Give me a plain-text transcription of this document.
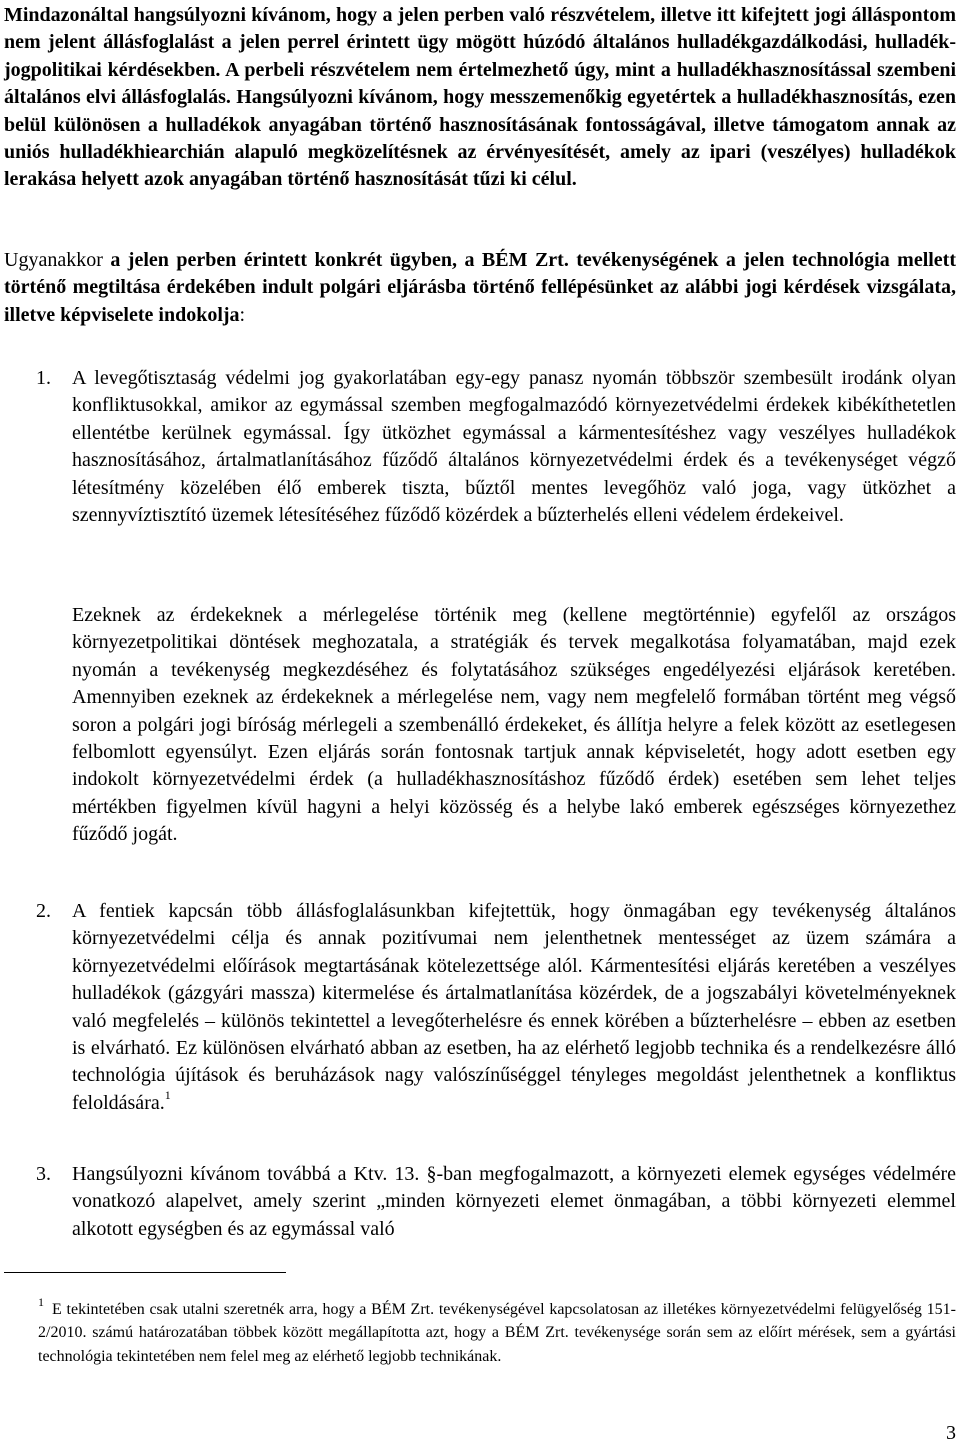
Mindazonáltal hangsúlyozni kívánom, hogy a jelen perben való részvételem, illetve itt kifejtett jogi álláspontom nem jelent állásfoglalást a jelen perrel érintett ügy mögött húzódó általános hulladékgazdálkodási, hulladék-jogpolitikai kérdésekben. A perbeli részvételem nem értelmezhető úgy, mint a hulladékhasznosítással szembeni általános elvi állásfoglalás. Hangsúlyozni kívánom, hogy messzemenőkig egyetértek a hulladékhasznosítás, ezen belül különösen a hulladékok anyagában történő hasznosításának fontosságával, illetve támogatom annak az uniós hulladékhiearchián alapuló megközelítésnek az érvényesítését, amely az ipari (veszélyes) hulladékok lerakása helyett azok anyagában történő hasznosítását tűzi ki célul.

Ugyanakkor a jelen perben érintett konkrét ügyben, a BÉM Zrt. tevékenységének a jelen technológia mellett történő megtiltása érdekében indult polgári eljárásba történő fellépésünket az alábbi jogi kérdések vizsgálata, illetve képviselete indokolja:

1. A levegőtisztaság védelmi jog gyakorlatában egy-egy panasz nyomán többször szembesült irodánk olyan konfliktusokkal, amikor az egymással szemben megfogalmazódó környezetvédelmi érdekek kibékíthetetlen ellentétbe kerülnek egymással. Így ütközhet egymással a kármentesítéshez vagy veszélyes hulladékok hasznosításához, ártalmatlanításához fűződő általános környezetvédelmi érdek és a tevékenységet végző létesítmény közelében élő emberek tiszta, bűztől mentes levegőhöz való joga, vagy ütközhet a szennyvíztisztító üzemek létesítéséhez fűződő közérdek a bűzterhelés elleni védelem érdekeivel.

Ezeknek az érdekeknek a mérlegelése történik meg (kellene megtörténnie) egyfelől az országos környezetpolitikai döntések meghozatala, a stratégiák és tervek megalkotása folyamatában, majd ezek nyomán a tevékenység megkezdéséhez és folytatásához szükséges engedélyezési eljárások keretében. Amennyiben ezeknek az érdekeknek a mérlegelése nem, vagy nem megfelelő formában történt meg végső soron a polgári jogi bíróság mérlegeli a szembenálló érdekeket, és állítja helyre a felek között az esetlegesen felbomlott egyensúlyt. Ezen eljárás során fontosnak tartjuk annak képviseletét, hogy adott esetben egy indokolt környezetvédelmi érdek (a hulladékhasznosításhoz fűződő érdek) esetében sem lehet teljes mértékben figyelmen kívül hagyni a helyi közösség és a helybe lakó emberek egészséges környezethez fűződő jogát.

2. A fentiek kapcsán több állásfoglalásunkban kifejtettük, hogy önmagában egy tevékenység általános környezetvédelmi célja és annak pozitívumai nem jelenthetnek mentességet az üzem számára a környezetvédelmi előírások megtartásának kötelezettsége alól. Kármentesítési eljárás keretében a veszélyes hulladékok (gázgyári massza) kitermelése és ártalmatlanítása közérdek, de a jogszabályi követelményeknek való megfelelés – különös tekintettel a levegőterhelésre és ennek körében a bűzterhelésre – ebben az esetben is elvárható. Ez különösen elvárható abban az esetben, ha az elérhető legjobb technika és a rendelkezésre álló technológia újítások és beruházások nagy valószínűséggel tényleges megoldást jelenthetnek a konfliktus feloldására.$^1$

3. Hangsúlyozni kívánom továbbá a Ktv. 13. §-ban megfogalmazott, a környezeti elemek egységes védelmére vonatkozó alapelvet, amely szerint „minden környezeti elemet önmagában, a többi környezeti elemmel alkotott egységben és az egymással való

$^1$ E tekintetében csak utalni szeretnék arra, hogy a BÉM Zrt. tevékenységével kapcsolatosan az illetékes környezetvédelmi felügyelőség 151-2/2010. számú határozatában többek között megállapította azt, hogy a BÉM Zrt. tevékenysége során sem az előírt mérések, sem a gyártási technológia tekintetében nem felel meg az elérhető legjobb technikának.

3
